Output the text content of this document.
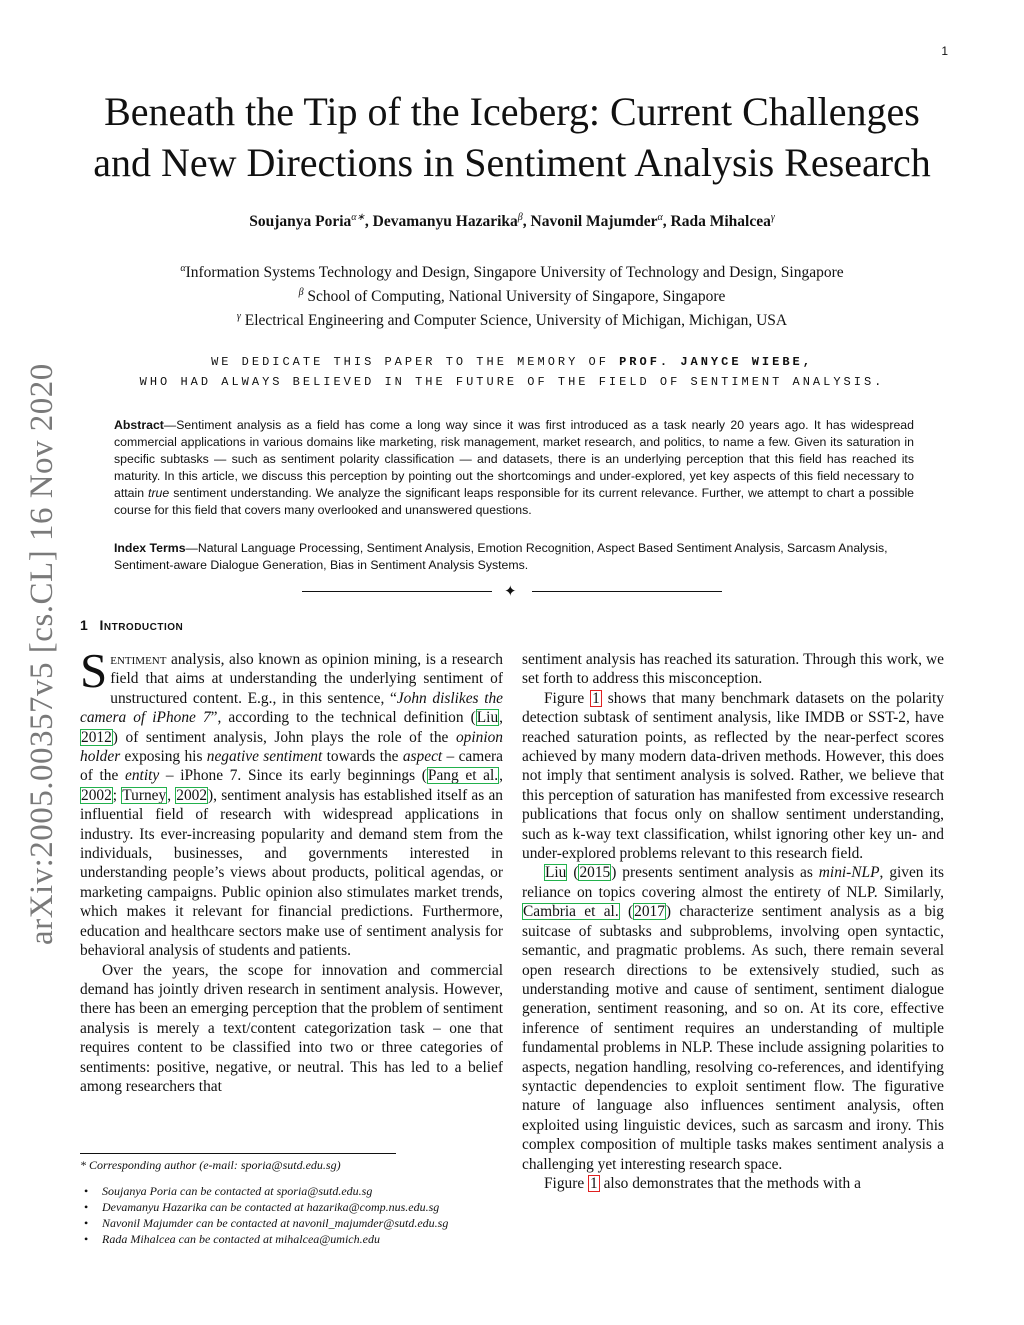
1
arXiv:2005.00357v5 [cs.CL] 16 Nov 2020
Beneath the Tip of the Iceberg: Current Challenges
and New Directions in Sentiment Analysis Research
Soujanya Poria$^{\alpha∗}$, Devamanyu Hazarika$^\beta$, Navonil Majumder$^\alpha$, Rada Mihalcea$^\gamma$
$^\alpha$Information Systems Technology and Design, Singapore University of Technology and Design, Singapore
$^\beta$ School of Computing, National University of Singapore, Singapore
$^\gamma$ Electrical Engineering and Computer Science, University of Michigan, Michigan, USA
WE DEDICATE THIS PAPER TO THE MEMORY OF PROF. JANYCE WIEBE,
WHO HAD ALWAYS BELIEVED IN THE FUTURE OF THE FIELD OF SENTIMENT ANALYSIS.
Abstract—Sentiment analysis as a field has come a long way since it was first introduced as a task nearly 20 years ago. It has widespread commercial applications in various domains like marketing, risk management, market research, and politics, to name a few. Given its saturation in specific subtasks — such as sentiment polarity classification — and datasets, there is an underlying perception that this field has reached its maturity. In this article, we discuss this perception by pointing out the shortcomings and under-explored, yet key aspects of this field necessary to attain true sentiment understanding. We analyze the significant leaps responsible for its current relevance. Further, we attempt to chart a possible course for this field that covers many overlooked and unanswered questions.
Index Terms—Natural Language Processing, Sentiment Analysis, Emotion Recognition, Aspect Based Sentiment Analysis, Sarcasm Analysis, Sentiment-aware Dialogue Generation, Bias in Sentiment Analysis Systems.
✦
1 Introduction

Sentiment analysis, also known as opinion mining, is a research field that aims at understanding the underlying sentiment of unstructured content. E.g., in this sentence, “John dislikes the camera of iPhone 7”, according to the technical definition (Liu, 2012) of sentiment analysis, John plays the role of the opinion holder exposing his negative sentiment towards the aspect – camera of the entity – iPhone 7. Since its early beginnings (Pang et al., 2002; Turney, 2002), sentiment analysis has established itself as an influential field of research with widespread applications in industry. Its ever-increasing popularity and demand stem from the individuals, businesses, and governments interested in understanding people’s views about products, political agendas, or marketing campaigns. Public opinion also stimulates market trends, which makes it relevant for financial predictions. Furthermore, education and healthcare sectors make use of sentiment analysis for behavioral analysis of students and patients.

Over the years, the scope for innovation and commercial demand has jointly driven research in sentiment analysis. However, there has been an emerging perception that the problem of sentiment analysis is merely a text/content categorization task – one that requires content to be classified into two or three categories of sentiments: positive, negative, or neutral. This has led to a belief among researchers that

sentiment analysis has reached its saturation. Through this work, we set forth to address this misconception.

Figure 1 shows that many benchmark datasets on the polarity detection subtask of sentiment analysis, like IMDB or SST-2, have reached saturation points, as reflected by the near-perfect scores achieved by many modern data-driven methods. However, this does not imply that sentiment analysis is solved. Rather, we believe that this perception of saturation has manifested from excessive research publications that focus only on shallow sentiment understanding, such as k-way text classification, whilst ignoring other key un- and under-explored problems relevant to this research field.

Liu (2015) presents sentiment analysis as mini-NLP, given its reliance on topics covering almost the entirety of NLP. Similarly, Cambria et al. (2017) characterize sentiment analysis as a big suitcase of subtasks and subproblems, involving open syntactic, semantic, and pragmatic problems. As such, there remain several open research directions to be extensively studied, such as understanding motive and cause of sentiment, sentiment dialogue generation, sentiment reasoning, and so on. At its core, effective inference of sentiment requires an understanding of multiple fundamental problems in NLP. These include assigning polarities to aspects, negation handling, resolving co-references, and identifying syntactic dependencies to exploit sentiment flow. The figurative nature of language also influences sentiment analysis, often exploited using linguistic devices, such as sarcasm and irony. This complex composition of multiple tasks makes sentiment analysis a challenging yet interesting research space.

Figure 1 also demonstrates that the methods with a

* Corresponding author (e-mail: sporia@sutd.edu.sg)
• Soujanya Poria can be contacted at sporia@sutd.edu.sg
• Devamanyu Hazarika can be contacted at hazarika@comp.nus.edu.sg
• Navonil Majumder can be contacted at navonil_majumder@sutd.edu.sg
• Rada Mihalcea can be contacted at mihalcea@umich.edu
